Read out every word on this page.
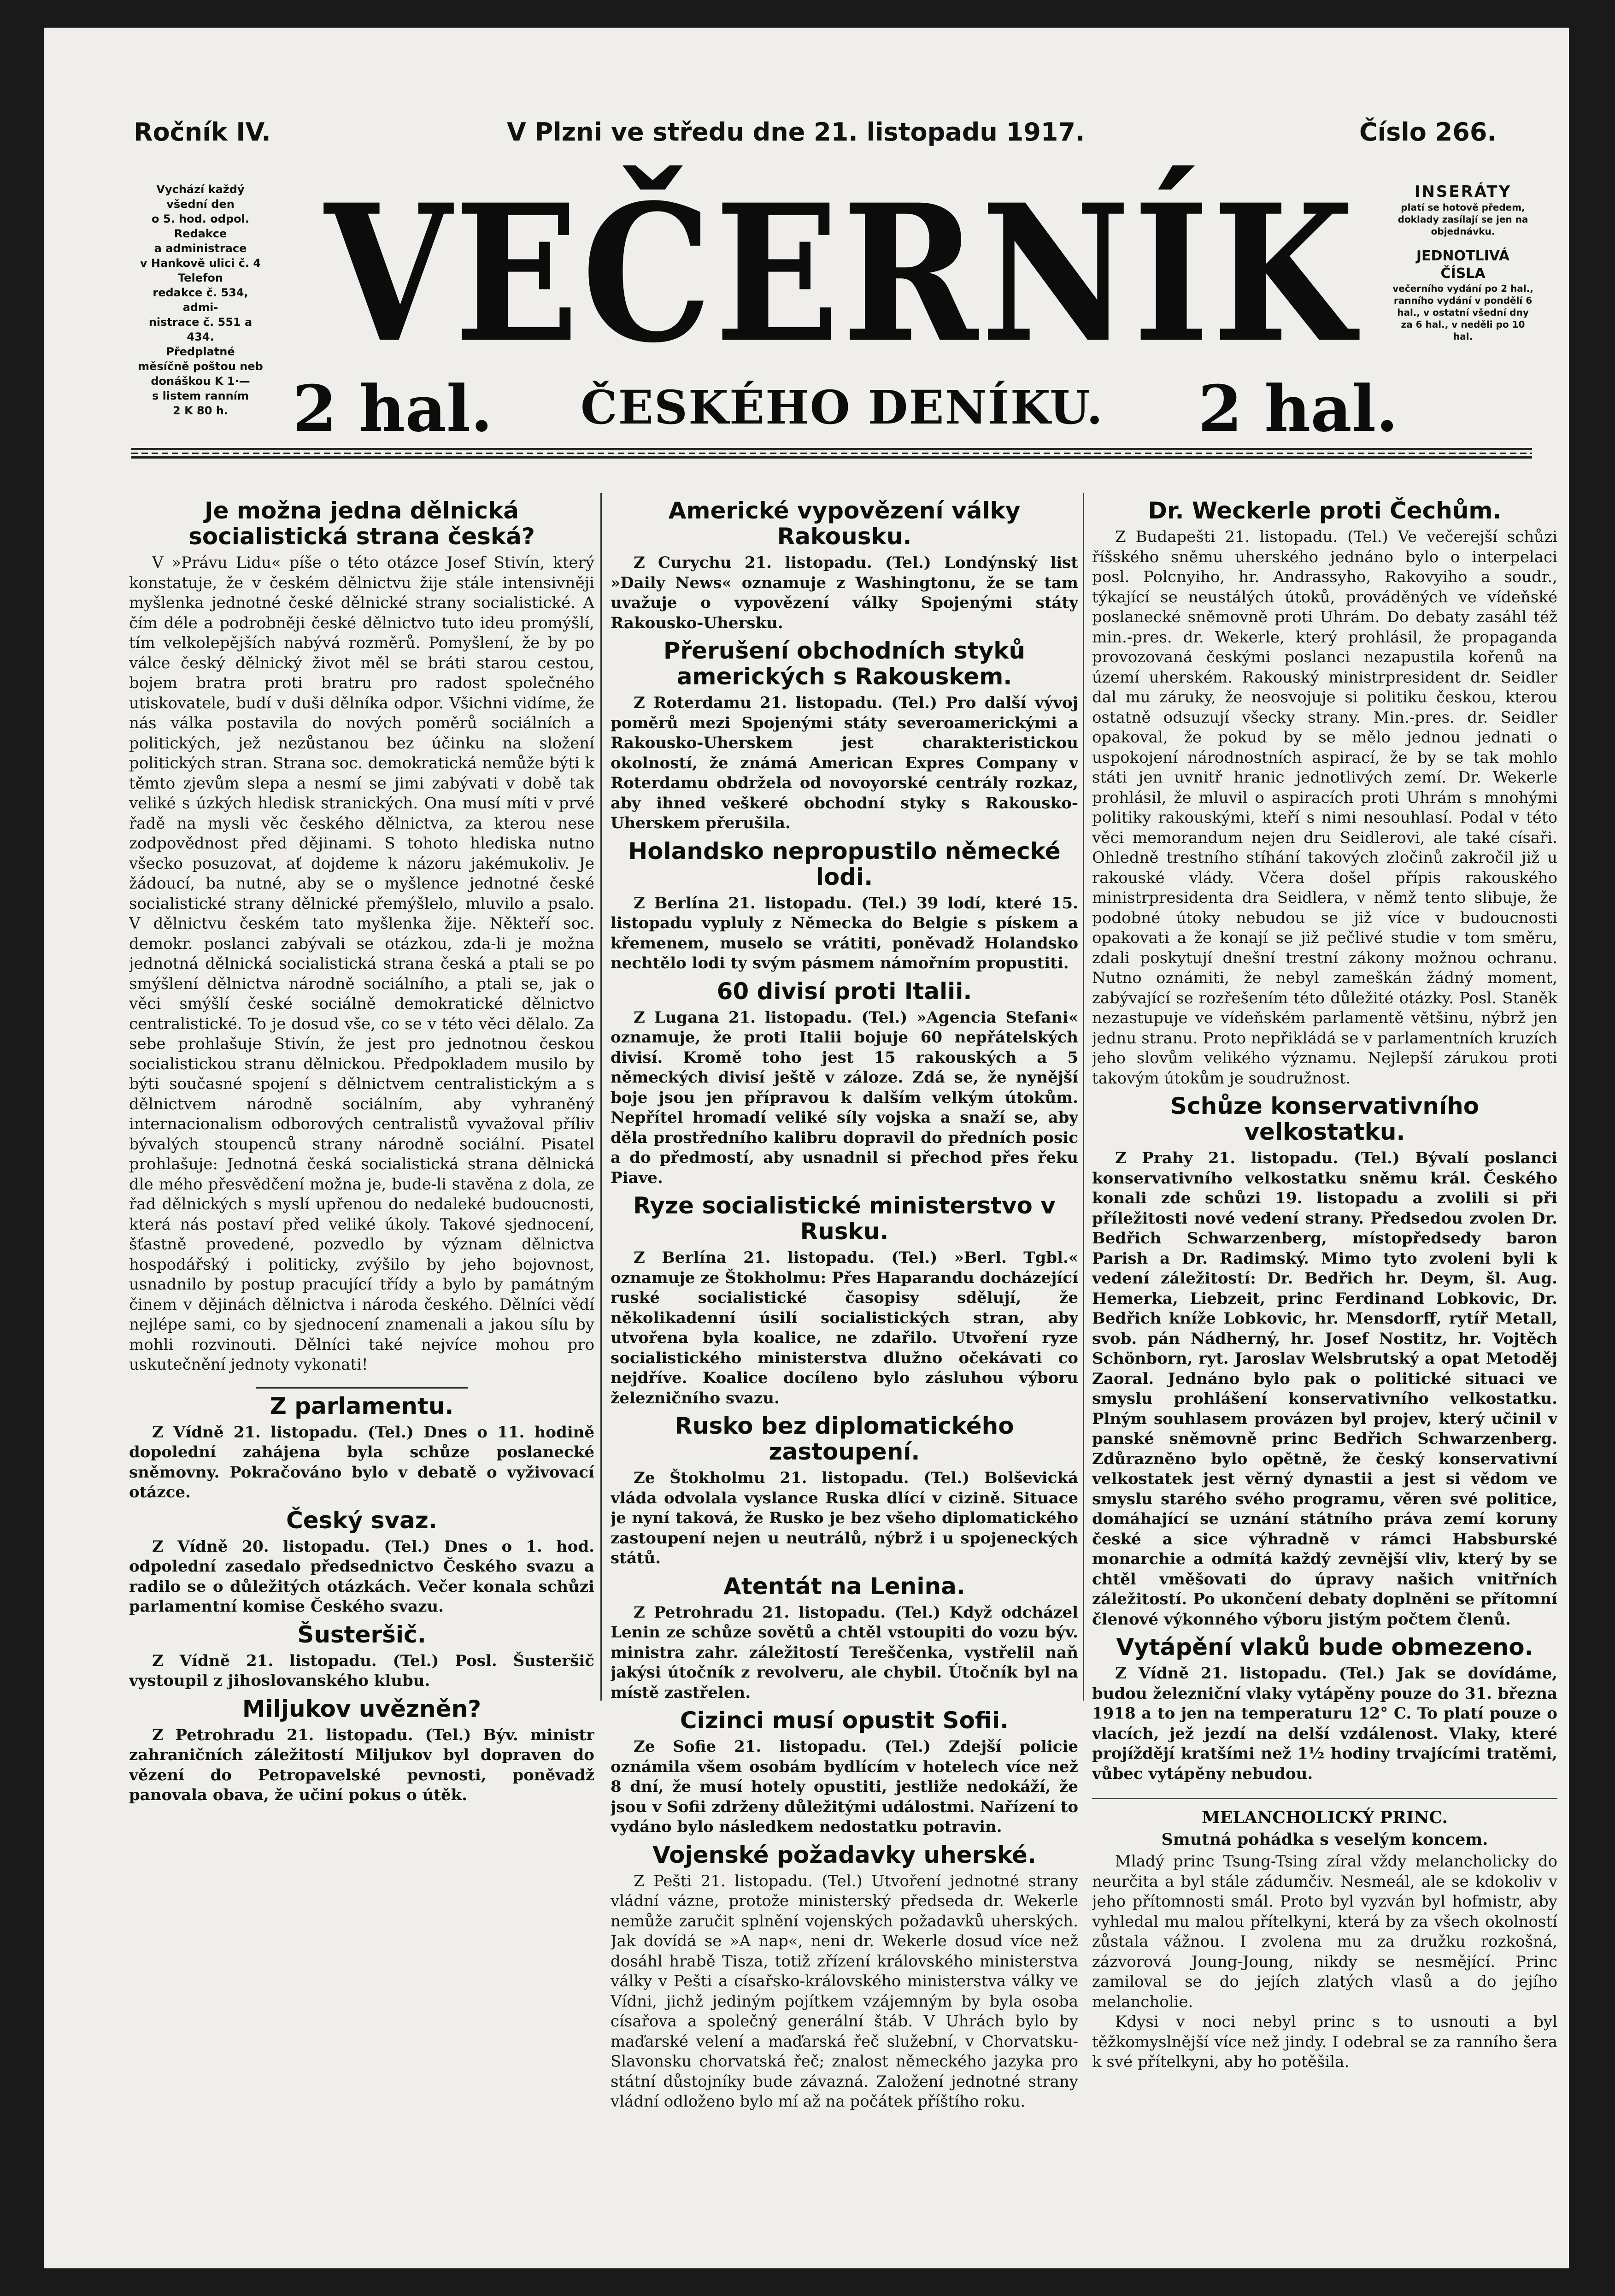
Ročník IV.	V Plzni ve středu dne 21. listopadu 1917.	Číslo 266.
Vychází každý
všední den
o 5. hod. odpol.
Redakce
a administrace
v Hankově ulici č. 4
Telefon
redakce č. 534, admi-
nistrace č. 551 a 434.
Předplatné
měsíčně poštou neb
donáškou K 1·—
s listem ranním
2 K 80 h.
VEČERNÍK
2 hal. ČESKÉHO DENÍKU. 2 hal.
INSERÁTY
platí se hotově předem, doklady zasílají se jen na objednávku.
JEDNOTLIVÁ
ČÍSLA
večerního vydání po 2 hal., ranního vydání v pondělí 6 hal., v ostatní všední dny za 6 hal., v neděli po 10 hal.
Je možna jedna dělnická socialistická strana česká?

V »Právu Lidu« píše o této otázce Josef Stivín, který konstatuje, že v českém dělnictvu žije stále intensivněji myšlenka jednotné české dělnické strany socialistické. A čím déle a podrobněji české dělnictvo tuto ideu promýšlí, tím velkolepějších nabývá rozměrů. Pomyšlení, že by po válce český dělnický život měl se bráti starou cestou, bojem bratra proti bratru pro radost společného utiskovatele, budí v duši dělníka odpor. Všichni vidíme, že nás válka postavila do nových poměrů sociálních a politických, jež nezůstanou bez účinku na složení politických stran. Strana soc. demokratická nemůže býti k těmto zjevům slepa a nesmí se jimi zabývati v době tak veliké s úzkých hledisk stranických. Ona musí míti v prvé řadě na mysli věc českého dělnictva, za kterou nese zodpovědnost před dějinami. S tohoto hlediska nutno všecko posuzovat, ať dojdeme k názoru jakémukoliv. Je žádoucí, ba nutné, aby se o myšlence jednotné české socialistické strany dělnické přemýšlelo, mluvilo a psalo. V dělnictvu českém tato myšlenka žije. Někteří soc. demokr. poslanci zabývali se otázkou, zda-li je možna jednotná dělnická socialistická strana česká a ptali se po smýšlení dělnictva národně sociálního, a ptali se, jak o věci smýšlí české sociálně demokratické dělnictvo centralistické. To je dosud vše, co se v této věci dělalo. Za sebe prohlašuje Stivín, že jest pro jednotnou českou socialistickou stranu dělnickou. Předpokladem musilo by býti současné spojení s dělnictvem centralistickým a s dělnictvem národně sociálním, aby vyhraněný internacionalism odborových centralistů vyvažoval příliv bývalých stoupenců strany národně sociální. Pisatel prohlašuje: Jednotná česká socialistická strana dělnická dle mého přesvědčení možna je, bude-li stavěna z dola, ze řad dělnických s myslí upřenou do nedaleké budoucnosti, která nás postaví před veliké úkoly. Takové sjednocení, šťastně provedené, pozvedlo by význam dělnictva hospodářský i politicky, zvýšilo by jeho bojovnost, usnadnilo by postup pracující třídy a bylo by památným činem v dějinách dělnictva i národa českého. Dělníci vědí nejlépe sami, co by sjednocení znamenali a jakou sílu by mohli rozvinouti. Dělníci také nejvíce mohou pro uskutečnění jednoty vykonati!

Z parlamentu.

Z Vídně 21. listopadu. (Tel.) Dnes o 11. hodině dopolední zahájena byla schůze poslanecké sněmovny. Pokračováno bylo v debatě o vyživovací otázce.

Český svaz.

Z Vídně 20. listopadu. (Tel.) Dnes o 1. hod. odpolední zasedalo předsednictvo Českého svazu a radilo se o důležitých otázkách. Večer konala schůzi parlamentní komise Českého svazu.

Šusteršič.

Z Vídně 21. listopadu. (Tel.) Posl. Šusteršič vystoupil z jihoslovanského klubu.

Miljukov uvězněn?

Z Petrohradu 21. listopadu. (Tel.) Býv. ministr zahraničních záležitostí Miljukov byl dopraven do vězení do Petropavelské pevnosti, poněvadž panovala obava, že učiní pokus o útěk.

Americké vypovězení války Rakousku.

Z Curychu 21. listopadu. (Tel.) Londýnský list »Daily News« oznamuje z Washingtonu, že se tam uvažuje o vypovězení války Spojenými státy Rakousko-Uhersku.

Přerušení obchodních styků amerických s Rakouskem.

Z Roterdamu 21. listopadu. (Tel.) Pro další vývoj poměrů mezi Spojenými státy severoamerickými a Rakousko-Uherskem jest charakteristickou okolností, že známá American Expres Company v Roterdamu obdržela od novoyorské centrály rozkaz, aby ihned veškeré obchodní styky s Rakousko-Uherskem přerušila.

Holandsko nepropustilo německé lodi.

Z Berlína 21. listopadu. (Tel.) 39 lodí, které 15. listopadu vypluly z Německa do Belgie s pískem a křemenem, muselo se vrátiti, poněvadž Holandsko nechtělo lodi ty svým pásmem námořním propustiti.

60 divisí proti Italii.

Z Lugana 21. listopadu. (Tel.) »Agencia Stefani« oznamuje, že proti Italii bojuje 60 nepřátelských divisí. Kromě toho jest 15 rakouských a 5 německých divisí ještě v záloze. Zdá se, že nynější boje jsou jen přípravou k dalším velkým útokům. Nepřítel hromadí veliké síly vojska a snaží se, aby děla prostředního kalibru dopravil do předních posic a do předmostí, aby usnadnil si přechod přes řeku Piave.

Ryze socialistické ministerstvo v Rusku.

Z Berlína 21. listopadu. (Tel.) »Berl. Tgbl.« oznamuje ze Štokholmu: Přes Haparandu docházející ruské socialistické časopisy sdělují, že několikadenní úsilí socialistických stran, aby utvořena byla koalice, ne zdařilo. Utvoření ryze socialistického ministerstva dlužno očekávati co nejdříve. Koalice docíleno bylo zásluhou výboru železničního svazu.

Rusko bez diplomatického zastoupení.

Ze Štokholmu 21. listopadu. (Tel.) Bolševická vláda odvolala vyslance Ruska dlící v cizině. Situace je nyní taková, že Rusko je bez všeho diplomatického zastoupení nejen u neutrálů, nýbrž i u spojeneckých států.

Atentát na Lenina.

Z Petrohradu 21. listopadu. (Tel.) Když odcházel Lenin ze schůze sovětů a chtěl vstoupiti do vozu býv. ministra zahr. záležitostí Tereščenka, vystřelil naň jakýsi útočník z revolveru, ale chybil. Útočník byl na místě zastřelen.

Cizinci musí opustit Sofii.

Ze Sofie 21. listopadu. (Tel.) Zdejší policie oznámila všem osobám bydlícím v hotelech více než 8 dní, že musí hotely opustiti, jestliže nedokáží, že jsou v Sofii zdrženy důležitými událostmi. Nařízení to vydáno bylo následkem nedostatku potravin.

Vojenské požadavky uherské.

Z Pešti 21. listopadu. (Tel.) Utvoření jednotné strany vládní vázne, protože ministerský předseda dr. Wekerle nemůže zaručit splnění vojenských požadavků uherských. Jak dovídá se »A nap«, neni dr. Wekerle dosud více než dosáhl hrabě Tisza, totiž zřízení královského ministerstva války v Pešti a císařsko-královského ministerstva války ve Vídni, jichž jediným pojítkem vzájemným by byla osoba císařova a společný generální štáb. V Uhrách bylo by maďarské velení a maďarská řeč služební, v Chorvatsku-Slavonsku chorvatská řeč; znalost německého jazyka pro státní důstojníky bude závazná. Založení jednotné strany vládní odloženo bylo mí až na počátek příštího roku.

Dr. Weckerle proti Čechům.

Z Budapešti 21. listopadu. (Tel.) Ve večerejší schůzi říšského sněmu uherského jednáno bylo o interpelaci posl. Polcnyiho, hr. Andrassyho, Rakovyiho a soudr., týkající se neustálých útoků, prováděných ve vídeňské poslanecké sněmovně proti Uhrám. Do debaty zasáhl též min.-pres. dr. Wekerle, který prohlásil, že propaganda provozovaná českými poslanci nezapustila kořenů na území uherském. Rakouský ministrpresident dr. Seidler dal mu záruky, že neosvojuje si politiku českou, kterou ostatně odsuzují všecky strany. Min.-pres. dr. Seidler opakoval, že pokud by se mělo jednou jednati o uspokojení národnostních aspirací, že by se tak mohlo státi jen uvnitř hranic jednotlivých zemí. Dr. Wekerle prohlásil, že mluvil o aspiracích proti Uhrám s mnohými politiky rakouskými, kteří s nimi nesouhlasí. Podal v této věci memorandum nejen dru Seidlerovi, ale také císaři. Ohledně trestního stíhání takových zločinů zakročil již u rakouské vlády. Včera došel přípis rakouského ministrpresidenta dra Seidlera, v němž tento slibuje, že podobné útoky nebudou se již více v budoucnosti opakovati a že konají se již pečlivé studie v tom směru, zdali poskytují dnešní trestní zákony možnou ochranu. Nutno oznámiti, že nebyl zameškán žádný moment, zabývající se rozřešením této důležité otázky. Posl. Staněk nezastupuje ve vídeňském parlamentě většinu, nýbrž jen jednu stranu. Proto nepřikládá se v parlamentních kruzích jeho slovům velikého významu. Nejlepší zárukou proti takovým útokům je soudružnost.

Schůze konservativního velkostatku.

Z Prahy 21. listopadu. (Tel.) Bývalí poslanci konservativního velkostatku sněmu král. Českého konali zde schůzi 19. listopadu a zvolili si při příležitosti nové vedení strany. Předsedou zvolen Dr. Bedřich Schwarzenberg, místopředsedy baron Parish a Dr. Radimský. Mimo tyto zvoleni byli k vedení záležitostí: Dr. Bedřich hr. Deym, šl. Aug. Hemerka, Liebzeit, princ Ferdinand Lobkovic, Dr. Bedřich kníže Lobkovic, hr. Mensdorff, rytíř Metall, svob. pán Nádherný, hr. Josef Nostitz, hr. Vojtěch Schönborn, ryt. Jaroslav Welsbrutský a opat Metoděj Zaoral. Jednáno bylo pak o politické situaci ve smyslu prohlášení konservativního velkostatku. Plným souhlasem provázen byl projev, který učinil v panské sněmovně princ Bedřich Schwarzenberg. Zdůrazněno bylo opětně, že český konservativní velkostatek jest věrný dynastii a jest si vědom ve smyslu starého svého programu, věren své politice, domáhající se uznání státního práva zemí koruny české a sice výhradně v rámci Habsburské monarchie a odmítá každý zevnější vliv, který by se chtěl vměšovati do úpravy našich vnitřních záležitostí. Po ukončení debaty doplněni se přítomní členové výkonného výboru jistým počtem členů.

Vytápění vlaků bude obmezeno.

Z Vídně 21. listopadu. (Tel.) Jak se dovídáme, budou železniční vlaky vytápěny pouze do 31. března 1918 a to jen na temperaturu 12° C. To platí pouze o vlacích, jež jezdí na delší vzdálenost. Vlaky, které projíždějí kratšími než 1½ hodiny trvajícími tratěmi, vůbec vytápěny nebudou.

MELANCHOLICKÝ PRINC.
Smutná pohádka s veselým koncem.

Mladý princ Tsung-Tsing zíral vždy melancholicky do neurčita a byl stále zádumčiv. Nesmeál, ale se kdokoliv v jeho přítomnosti smál. Proto byl vyzván byl hofmistr, aby vyhledal mu malou přítelkyni, která by za všech okolností zůstala vážnou. I zvolena mu za družku rozkošná, zázvorová Joung-Joung, nikdy se nesmějící. Princ zamiloval se do jejích zlatých vlasů a do jejího melancholie.

Kdysi v noci nebyl princ s to usnouti a byl těžkomyslnější více než jindy. I odebral se za ranního šera k své přítelkyni, aby ho potěšila.
